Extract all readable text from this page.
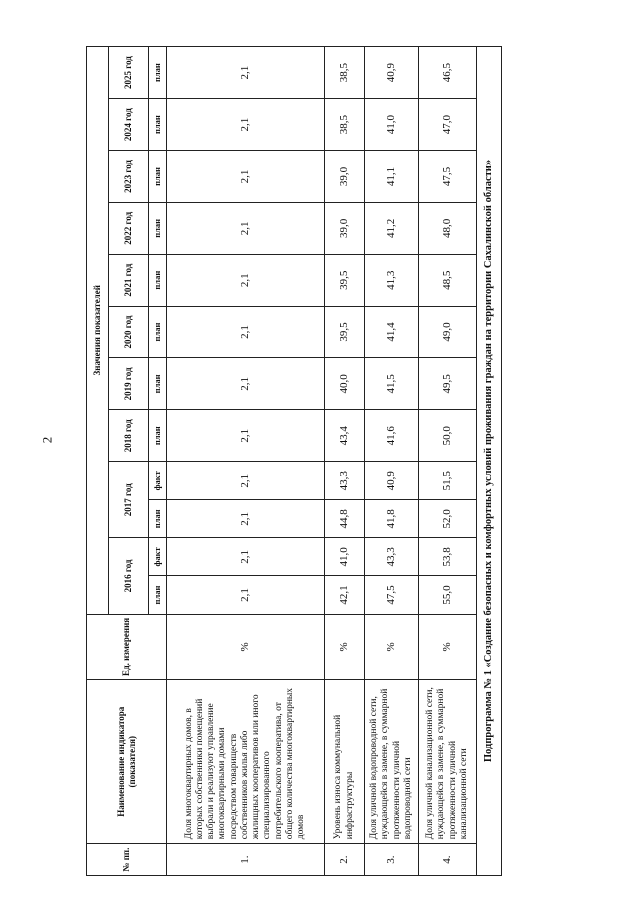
2
№ пп.	Наименование индикатора (показателя)	Ед. измерения	Значения показателей											
			2016 год		2017 год		2018 год	2019 год	2020 год	2021 год	2022 год	2023 год	2024 год	2025 год
			план	факт	план	факт	план	план	план	план	план	план	план	план
1.	Доля многоквартирных домов, в которых собственники помещений выбрали и реализуют управление многоквартирными домами посредством товариществ собственников жилья либо жилищных кооперативов или иного специализированного потребительского кооператива, от общего количества многоквартирных домов	%	2,1	2,1	2,1	2,1	2,1	2,1	2,1	2,1	2,1	2,1	2,1	2,1
2.	Уровень износа коммунальной инфраструктуры	%	42,1	41,0	44,8	43,3	43,4	40,0	39,5	39,5	39,0	39,0	38,5	38,5
3.	Доля уличной водопроводной сети, нуждающейся в замене, в суммарной протяженности уличной водопроводной сети	%	47,5	43,3	41,8	40,9	41,6	41,5	41,4	41,3	41,2	41,1	41,0	40,9
4.	Доля уличной канализационной сети, нуждающейся в замене, в суммарной протяженности уличной канализационной сети	%	55,0	53,8	52,0	51,5	50,0	49,5	49,0	48,5	48,0	47,5	47,0	46,5
Подпрограмма № 1 «Создание безопасных и комфортных условий проживания граждан на территории Сахалинской области»														
